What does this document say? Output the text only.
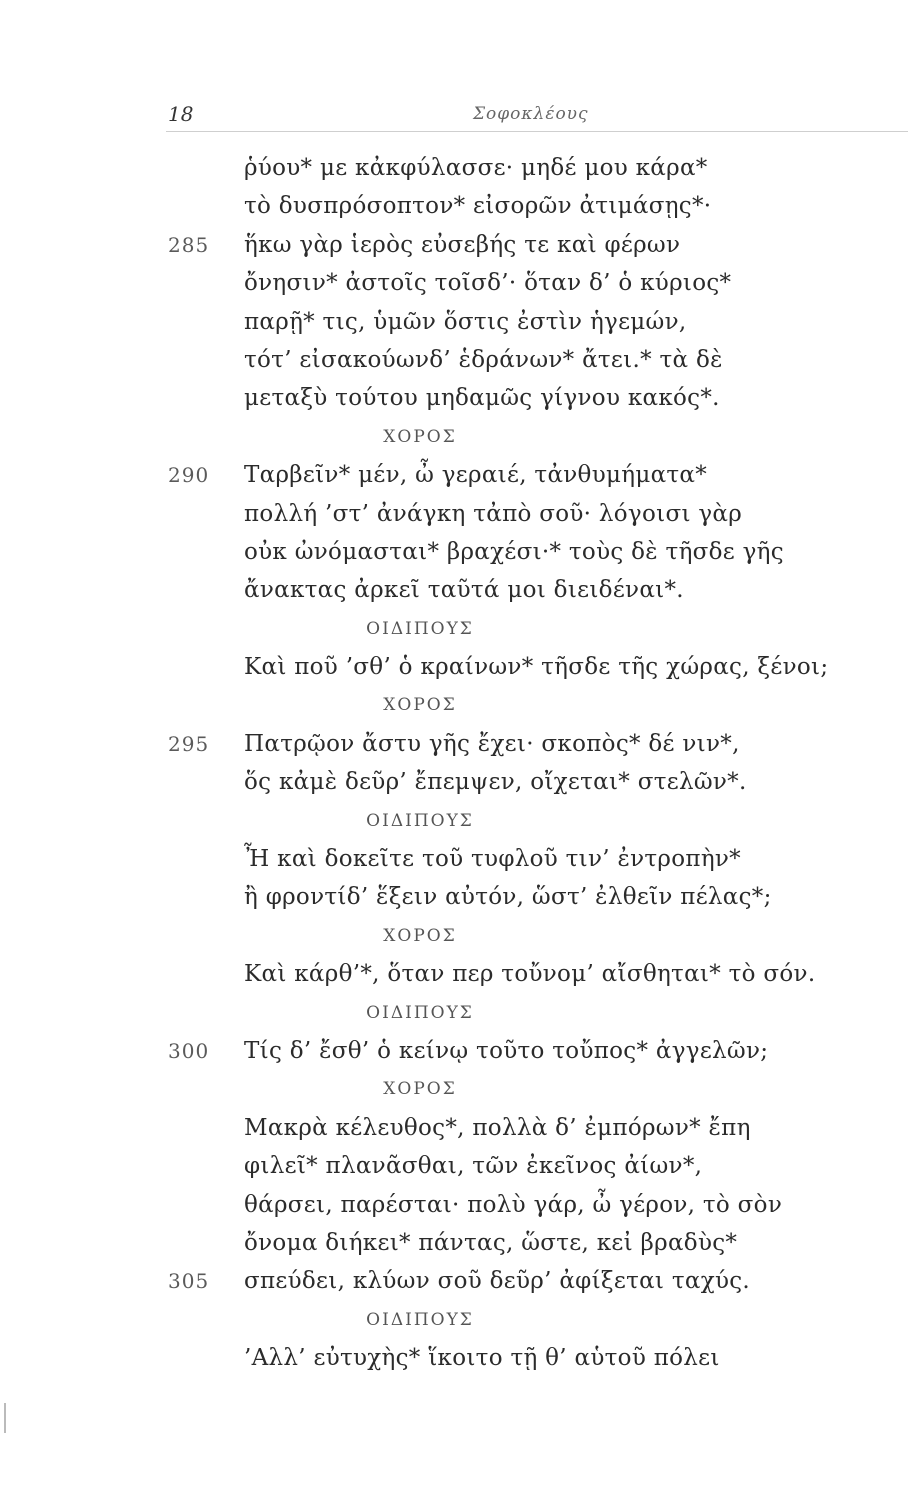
18	Σοφοκλέους
ῥύου* με κἀκφύλασσε· μηδέ μου κάρα*
τὸ δυσπρόσοπτον* εἰσορῶν ἀτιμάσῃς*·
285 ἥκω γὰρ ἱερὸς εὐσεβής τε καὶ φέρων
ὄνησιν* ἀστοῖς τοῖσδ’· ὅταν δ’ ὁ κύριος*
παρῇ* τις, ὑμῶν ὅστις ἐστὶν ἡγεμών,
τότ’ εἰσακούωνδ’ ἑδράνων* ἄτει.* τὰ δὲ
μεταξὺ τούτου μηδαμῶς γίγνου κακός*.
ΧΟΡΟΣ
290 Ταρβεῖν* μέν, ὦ γεραιέ, τἀνθυμήματα*
πολλή ’στ’ ἀνάγκη τἀπὸ σοῦ· λόγοισι γὰρ
οὐκ ὠνόμασται* βραχέσι·* τοὺς δὲ τῆσδε γῆς
ἄνακτας ἀρκεῖ ταῦτά μοι διειδέναι*.
ΟΙΔΙΠΟΥΣ
Καὶ ποῦ ’σθ’ ὁ κραίνων* τῆσδε τῆς χώρας, ξένοι;
ΧΟΡΟΣ
295 Πατρῷον ἄστυ γῆς ἔχει· σκοπὸς* δέ νιν*,
ὅς κἀμὲ δεῦρ’ ἔπεμψεν, οἴχεται* στελῶν*.
ΟΙΔΙΠΟΥΣ
Ἦ καὶ δοκεῖτε τοῦ τυφλοῦ τιν’ ἐντροπὴν*
ἢ φροντίδ’ ἕξειν αὐτόν, ὥστ’ ἐλθεῖν πέλας*;
ΧΟΡΟΣ
Καὶ κάρθ’*, ὅταν περ τοὔνομ’ αἴσθηται* τὸ σόν.
ΟΙΔΙΠΟΥΣ
300 Τίς δ’ ἔσθ’ ὁ κείνῳ τοῦτο τοὔπος* ἀγγελῶν;
ΧΟΡΟΣ
Μακρὰ κέλευθος*, πολλὰ δ’ ἐμπόρων* ἔπη
φιλεῖ* πλανᾶσθαι, τῶν ἐκεῖνος ἀίων*,
θάρσει, παρέσται· πολὺ γάρ, ὦ γέρον, τὸ σὸν
ὄνομα διήκει* πάντας, ὥστε, κεἰ βραδὺς*
305 σπεύδει, κλύων σοῦ δεῦρ’ ἀφίξεται ταχύς.
ΟΙΔΙΠΟΥΣ
’Αλλ’ εὐτυχὴς* ἵκοιτο τῇ θ’ αὑτοῦ πόλει
